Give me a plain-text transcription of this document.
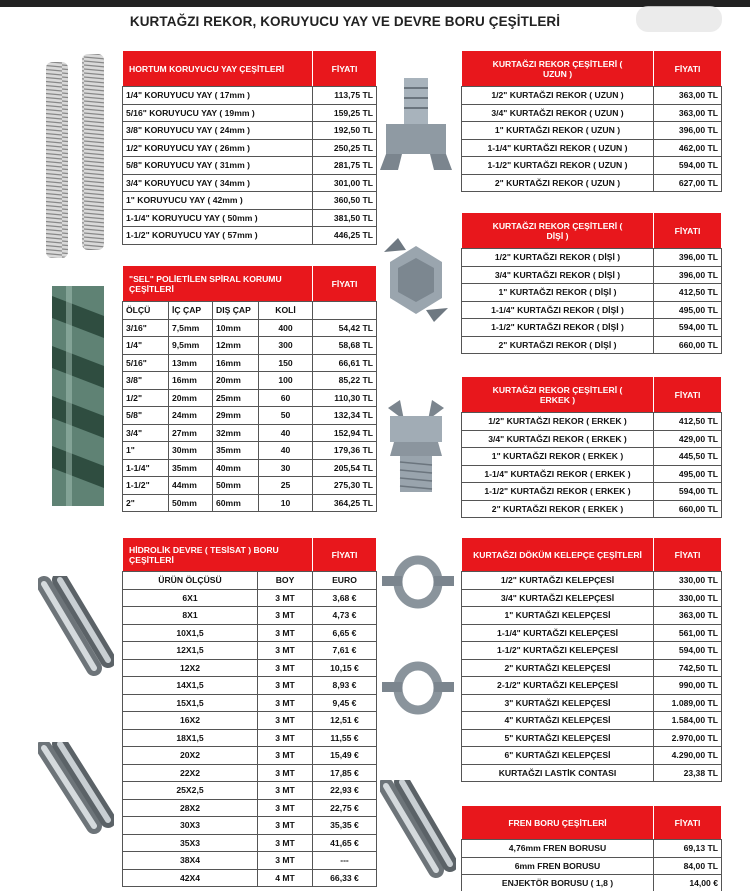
KURTAĞZI REKOR, KORUYUCU YAY VE DEVRE BORU ÇEŞİTLERİ
HORTUM KORUYUCU YAY ÇEŞİTLERİ	FİYATI
1/4" KORUYUCU YAY ( 17mm )	113,75 TL
5/16" KORUYUCU YAY ( 19mm )	159,25 TL
3/8" KORUYUCU YAY ( 24mm )	192,50 TL
1/2" KORUYUCU YAY ( 26mm )	250,25 TL
5/8" KORUYUCU YAY ( 31mm )	281,75 TL
3/4" KORUYUCU YAY ( 34mm )	301,00 TL
1" KORUYUCU YAY ( 42mm )	360,50 TL
1-1/4" KORUYUCU YAY ( 50mm )	381,50 TL
1-1/2" KORUYUCU YAY ( 57mm )	446,25 TL
"SEL" POLİETİLEN SPİRAL KORUMU ÇEŞİTLERİ				FİYATI
ÖLÇÜ	İÇ ÇAP	DIŞ ÇAP	KOLİ	
3/16"	7,5mm	10mm	400	54,42 TL
1/4"	9,5mm	12mm	300	58,68 TL
5/16"	13mm	16mm	150	66,61 TL
3/8"	16mm	20mm	100	85,22 TL
1/2"	20mm	25mm	60	110,30 TL
5/8"	24mm	29mm	50	132,34 TL
3/4"	27mm	32mm	40	152,94 TL
1"	30mm	35mm	40	179,36 TL
1-1/4"	35mm	40mm	30	205,54 TL
1-1/2"	44mm	50mm	25	275,30 TL
2"	50mm	60mm	10	364,25 TL
HİDROLİK DEVRE ( TESİSAT ) BORU ÇEŞİTLERİ		FİYATI
ÜRÜN ÖLÇÜSÜ	BOY	EURO
6X1	3 MT	3,68 €
8X1	3 MT	4,73 €
10X1,5	3 MT	6,65 €
12X1,5	3 MT	7,61 €
12X2	3 MT	10,15 €
14X1,5	3 MT	8,93 €
15X1,5	3 MT	9,45 €
16X2	3 MT	12,51 €
18X1,5	3 MT	11,55 €
20X2	3 MT	15,49 €
22X2	3 MT	17,85 €
25X2,5	3 MT	22,93 €
28X2	3 MT	22,75 €
30X3	3 MT	35,35 €
35X3	3 MT	41,65 €
38X4	3 MT	---
42X4	4 MT	66,33 €
KURTAĞZI REKOR ÇEŞİTLERİ ( UZUN )	FİYATI
1/2" KURTAĞZI REKOR ( UZUN )	363,00 TL
3/4" KURTAĞZI REKOR ( UZUN )	363,00 TL
1" KURTAĞZI REKOR ( UZUN )	396,00 TL
1-1/4" KURTAĞZI REKOR ( UZUN )	462,00 TL
1-1/2" KURTAĞZI REKOR ( UZUN )	594,00 TL
2" KURTAĞZI REKOR ( UZUN )	627,00 TL
KURTAĞZI REKOR ÇEŞİTLERİ ( DİŞİ )	FİYATI
1/2" KURTAĞZI REKOR ( DİŞİ )	396,00 TL
3/4" KURTAĞZI REKOR ( DİŞİ )	396,00 TL
1" KURTAĞZI REKOR ( DİŞİ )	412,50 TL
1-1/4" KURTAĞZI REKOR ( DİŞİ )	495,00 TL
1-1/2" KURTAĞZI REKOR ( DİŞİ )	594,00 TL
2" KURTAĞZI REKOR ( DİŞİ )	660,00 TL
KURTAĞZI REKOR ÇEŞİTLERİ ( ERKEK )	FİYATI
1/2" KURTAĞZI REKOR ( ERKEK )	412,50 TL
3/4" KURTAĞZI REKOR ( ERKEK )	429,00 TL
1" KURTAĞZI REKOR ( ERKEK )	445,50 TL
1-1/4" KURTAĞZI REKOR ( ERKEK )	495,00 TL
1-1/2" KURTAĞZI REKOR ( ERKEK )	594,00 TL
2" KURTAĞZI REKOR ( ERKEK )	660,00 TL
KURTAĞZI DÖKÜM KELEPÇE ÇEŞİTLERİ	FİYATI
1/2" KURTAĞZI KELEPÇESİ	330,00 TL
3/4" KURTAĞZI KELEPÇESİ	330,00 TL
1" KURTAĞZI KELEPÇESİ	363,00 TL
1-1/4" KURTAĞZI KELEPÇESİ	561,00 TL
1-1/2" KURTAĞZI KELEPÇESİ	594,00 TL
2" KURTAĞZI KELEPÇESİ	742,50 TL
2-1/2" KURTAĞZI KELEPÇESİ	990,00 TL
3" KURTAĞZI KELEPÇESİ	1.089,00 TL
4" KURTAĞZI KELEPÇESİ	1.584,00 TL
5" KURTAĞZI KELEPÇESİ	2.970,00 TL
6" KURTAĞZI KELEPÇESİ	4.290,00 TL
KURTAĞZI LASTİK CONTASI	23,38 TL
FREN BORU ÇEŞİTLERİ	FİYATI
4,76mm FREN BORUSU	69,13 TL
6mm FREN BORUSU	84,00 TL
ENJEKTÖR BORUSU ( 1,8 )	14,00 €
